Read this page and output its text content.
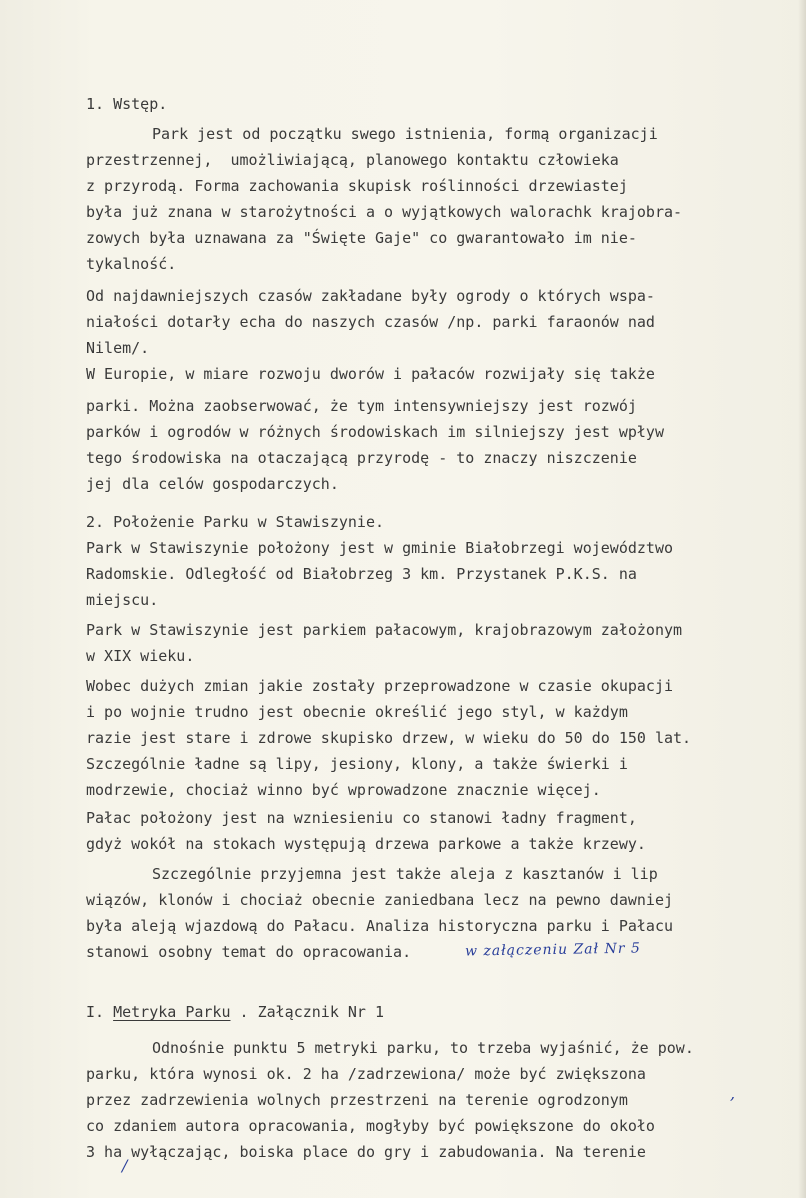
1. Wstęp.
Park jest od początku swego istnienia, formą organizacji
przestrzennej,  umożliwiającą, planowego kontaktu człowieka
z przyrodą. Forma zachowania skupisk roślinności drzewiastej
była już znana w starożytności a o wyjątkowych walorachk krajobra-
zowych była uznawana za "Święte Gaje" co gwarantowało im nie-
tykalność.
Od najdawniejszych czasów zakładane były ogrody o których wspa-
niałości dotarły echa do naszych czasów /np. parki faraonów nad
Nilem/.
W Europie, w miare rozwoju dworów i pałaców rozwijały się także
parki. Można zaobserwować, że tym intensywniejszy jest rozwój
parków i ogrodów w różnych środowiskach im silniejszy jest wpływ
tego środowiska na otaczającą przyrodę - to znaczy niszczenie
jej dla celów gospodarczych.
2. Położenie Parku w Stawiszynie.
Park w Stawiszynie położony jest w gminie Białobrzegi województwo
Radomskie. Odległość od Białobrzeg 3 km. Przystanek P.K.S. na
miejscu.
Park w Stawiszynie jest parkiem pałacowym, krajobrazowym założonym
w XIX wieku.
Wobec dużych zmian jakie zostały przeprowadzone w czasie okupacji
i po wojnie trudno jest obecnie określić jego styl, w każdym
razie jest stare i zdrowe skupisko drzew, w wieku do 50 do 150 lat.
Szczególnie ładne są lipy, jesiony, klony, a także świerki i
modrzewie, chociaż winno być wprowadzone znacznie więcej.
Pałac położony jest na wzniesieniu co stanowi ładny fragment,
gdyż wokół na stokach występują drzewa parkowe a także krzewy.
Szczególnie przyjemna jest także aleja z kasztanów i lip
wiązów, klonów i chociaż obecnie zaniedbana lecz na pewno dawniej
była aleją wjazdową do Pałacu. Analiza historyczna parku i Pałacu
stanowi osobny temat do opracowania.	w załączeniu Zał Nr 5
I. Metryka Parku . Załącznik Nr 1
Odnośnie punktu 5 metryki parku, to trzeba wyjaśnić, że pow.
parku, która wynosi ok. 2 ha /zadrzewiona/ może być zwiększona
przez zadrzewienia wolnych przestrzeni na terenie ogrodzonym
co zdaniem autora opracowania, mogłyby być powiększone do około
3 ha wyłączając, boiska place do gry i zabudowania. Na terenie
,
/
